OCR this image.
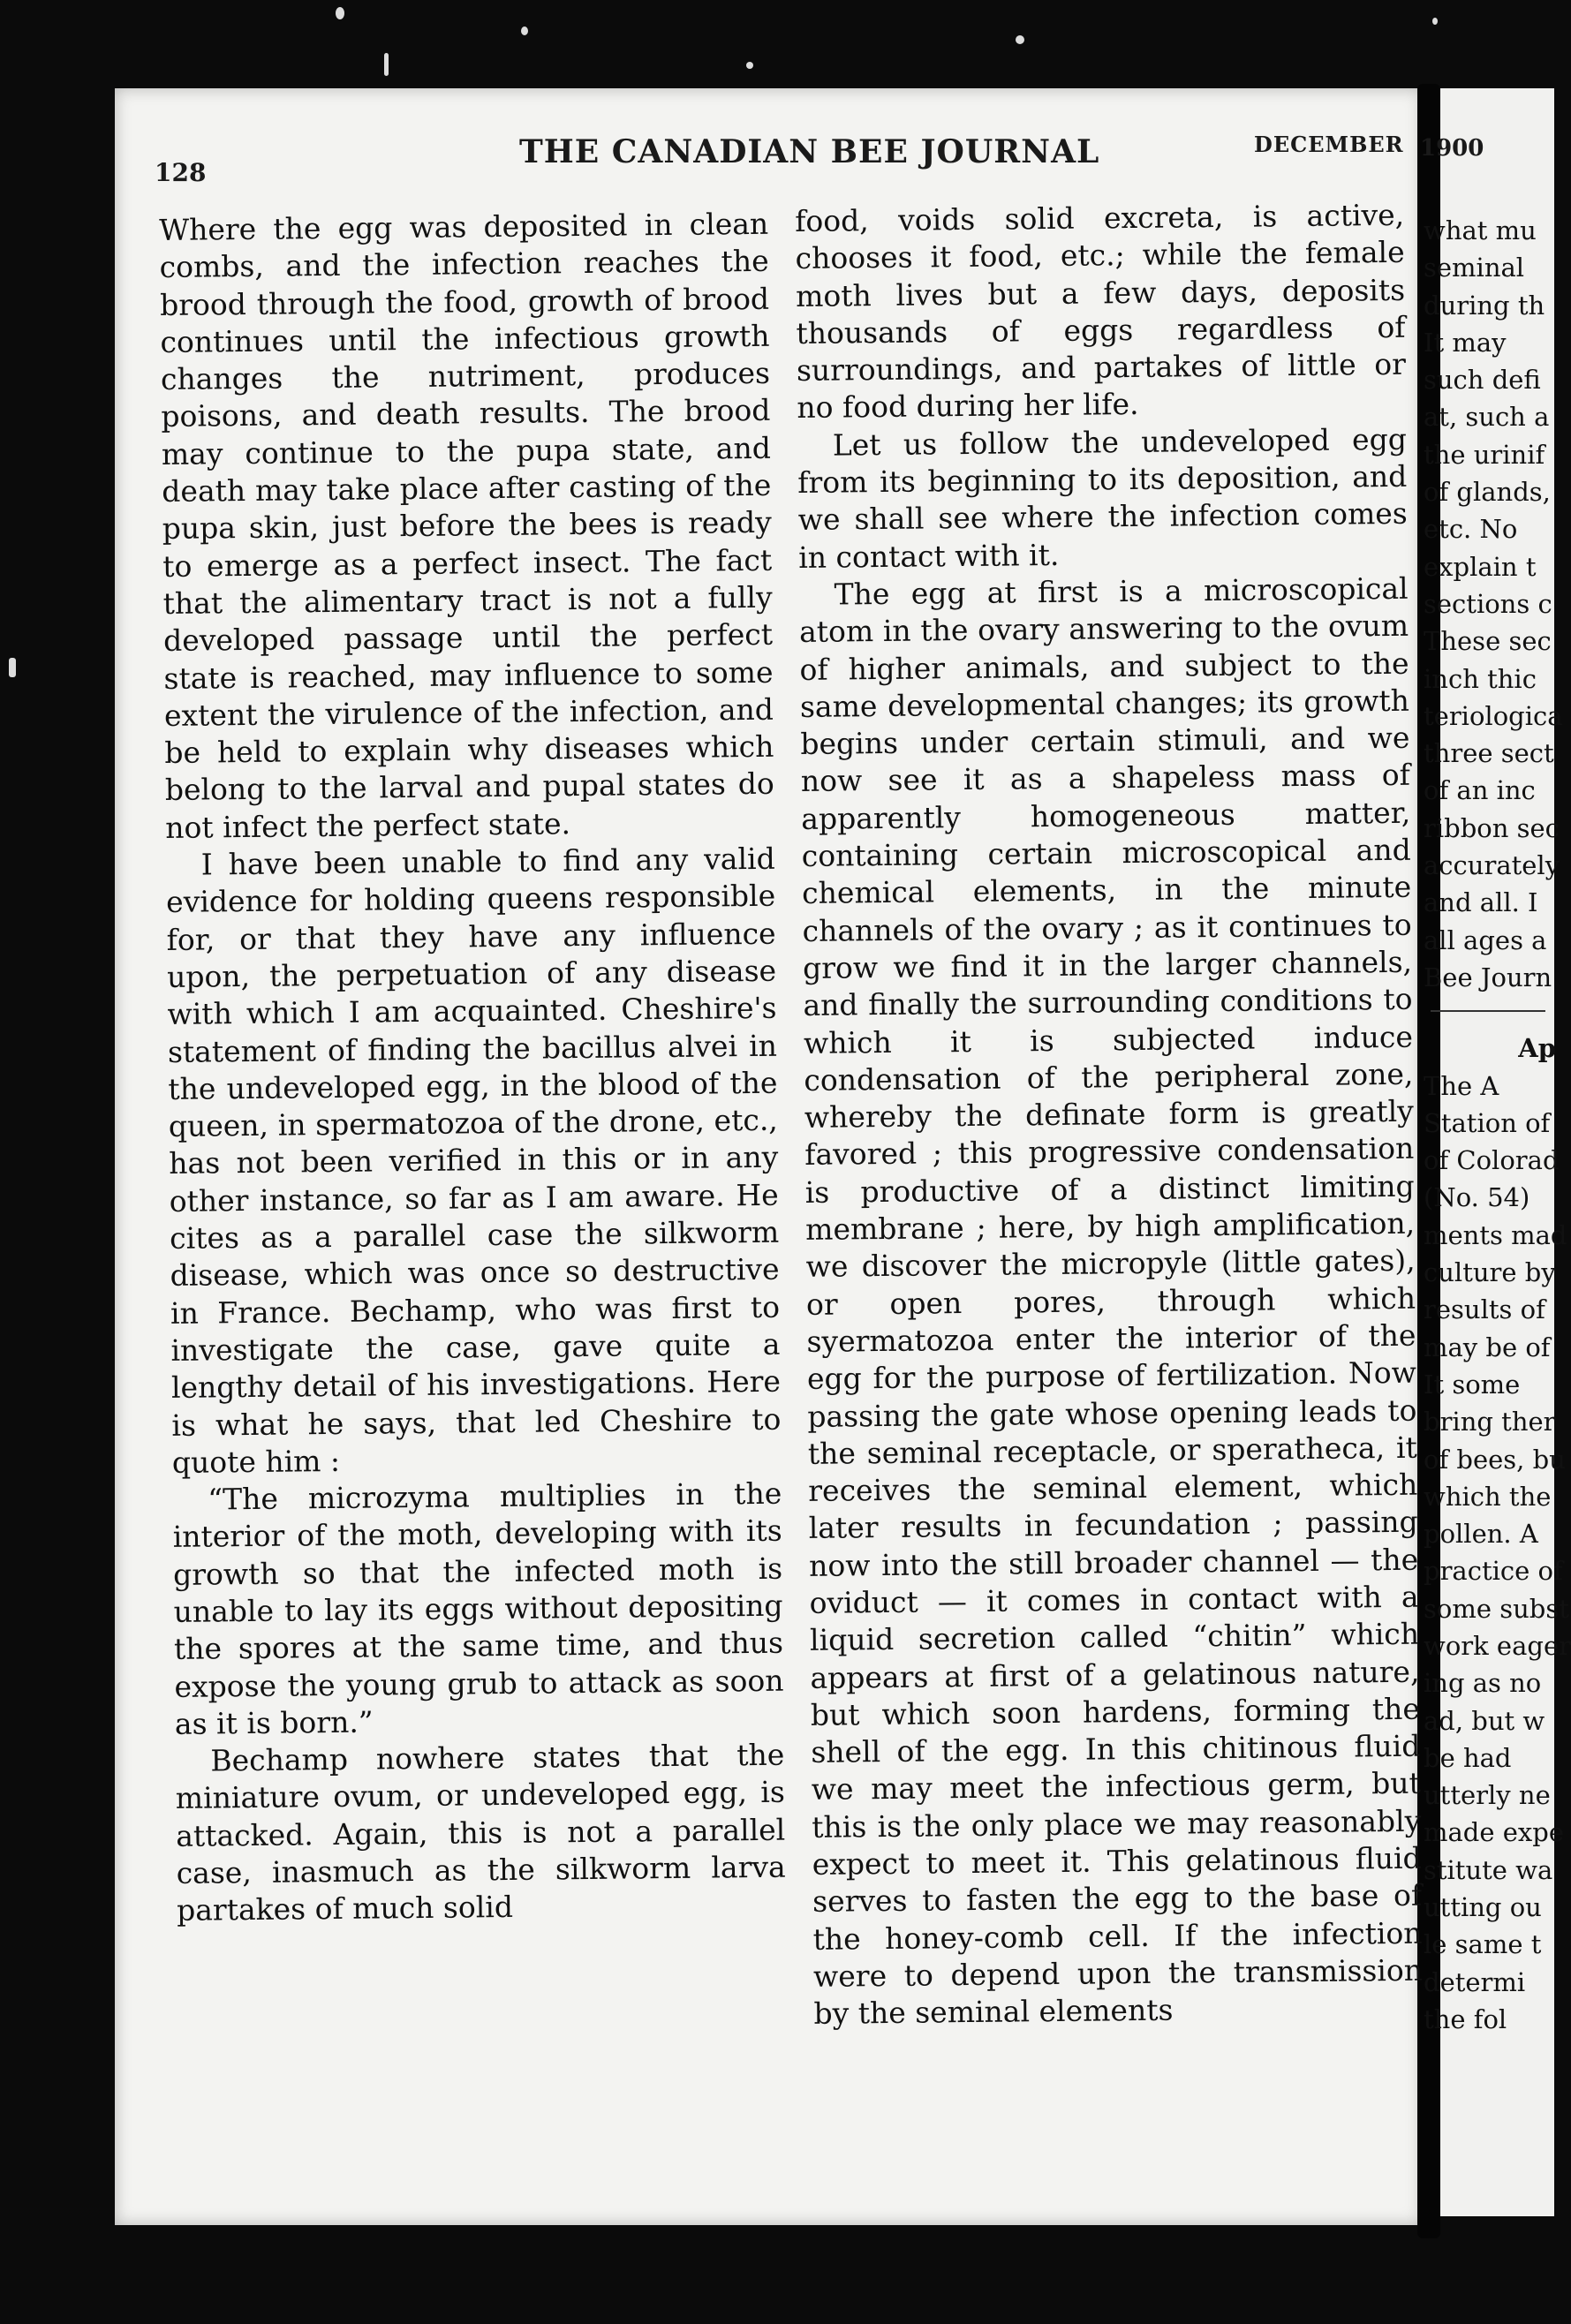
128
THE CANADIAN BEE JOURNAL	DECEMBER 1900

Where the egg was deposited in clean combs, and the infection reaches the brood through the food, growth of brood continues until the infectious growth changes the nutriment, produces poisons, and death results. The brood may continue to the pupa state, and death may take place after casting of the pupa skin, just before the bees is ready to emerge as a perfect insect. The fact that the alimentary tract is not a fully developed passage until the perfect state is reached, may influence to some extent the virulence of the infection, and be held to explain why diseases which belong to the larval and pupal states do not infect the perfect state.

I have been unable to find any valid evidence for holding queens responsible for, or that they have any influence upon, the perpetuation of any disease with which I am acquainted. Cheshire's statement of finding the bacillus alvei in the undeveloped egg, in the blood of the queen, in spermatozoa of the drone, etc., has not been verified in this or in any other instance, so far as I am aware. He cites as a parallel case the silkworm disease, which was once so destructive in France. Bechamp, who was first to investigate the case, gave quite a lengthy detail of his investigations. Here is what he says, that led Cheshire to quote him :

“The microzyma multiplies in the interior of the moth, developing with its growth so that the infected moth is unable to lay its eggs without depositing the spores at the same time, and thus expose the young grub to attack as soon as it is born.”

Bechamp nowhere states that the miniature ovum, or undeveloped egg, is attacked. Again, this is not a parallel case, inasmuch as the silkworm larva partakes of much solid

food, voids solid excreta, is active, chooses it food, etc.; while the female moth lives but a few days, deposits thousands of eggs regardless of surroundings, and partakes of little or no food during her life.

Let us follow the undeveloped egg from its beginning to its deposition, and we shall see where the infection comes in contact with it.

The egg at first is a microscopical atom in the ovary answering to the ovum of higher animals, and subject to the same developmental changes; its growth begins under certain stimuli, and we now see it as a shapeless mass of apparently homogeneous matter, containing certain microscopical and chemical elements, in the minute channels of the ovary ; as it continues to grow we find it in the larger channels, and finally the surrounding conditions to which it is subjected induce condensation of the peripheral zone, whereby the definate form is greatly favored ; this progressive condensation is productive of a distinct limiting membrane ; here, by high amplification, we discover the micropyle (little gates), or open pores, through which syermatozoa enter the interior of the egg for the purpose of fertilization. Now passing the gate whose opening leads to the seminal receptacle, or speratheca, it receives the seminal element, which later results in fecundation ; passing now into the still broader channel — the oviduct — it comes in contact with a liquid secretion called “chitin” which appears at first of a gelatinous nature, but which soon hardens, forming the shell of the egg. In this chitinous fluid we may meet the infectious germ, but this is the only place we may reasonably expect to meet it. This gelatinous fluid serves to fasten the egg to the base of the honey-comb cell. If the infection were to depend upon the transmission by the seminal elements

what mu
seminal
during th
It may
such defi
at, such a
the urinif
of glands,
etc. No
explain t
sections c
These sec
inch thic
teriologica
three sect
of an inc
ribbon sec
accurately
and all. I
all ages a
Bee Journ
Ap
The A
Station of
of Colorad
(No. 54)
ments mad
culture by
results of
may be of
It some
bring ther
of bees, bu
which the
pollen. A
practice of
some subst
work eager
ing as no
ad, but w
be had
utterly ne
made expe
stitute wa
utting ou
le same t
determi
the fol
